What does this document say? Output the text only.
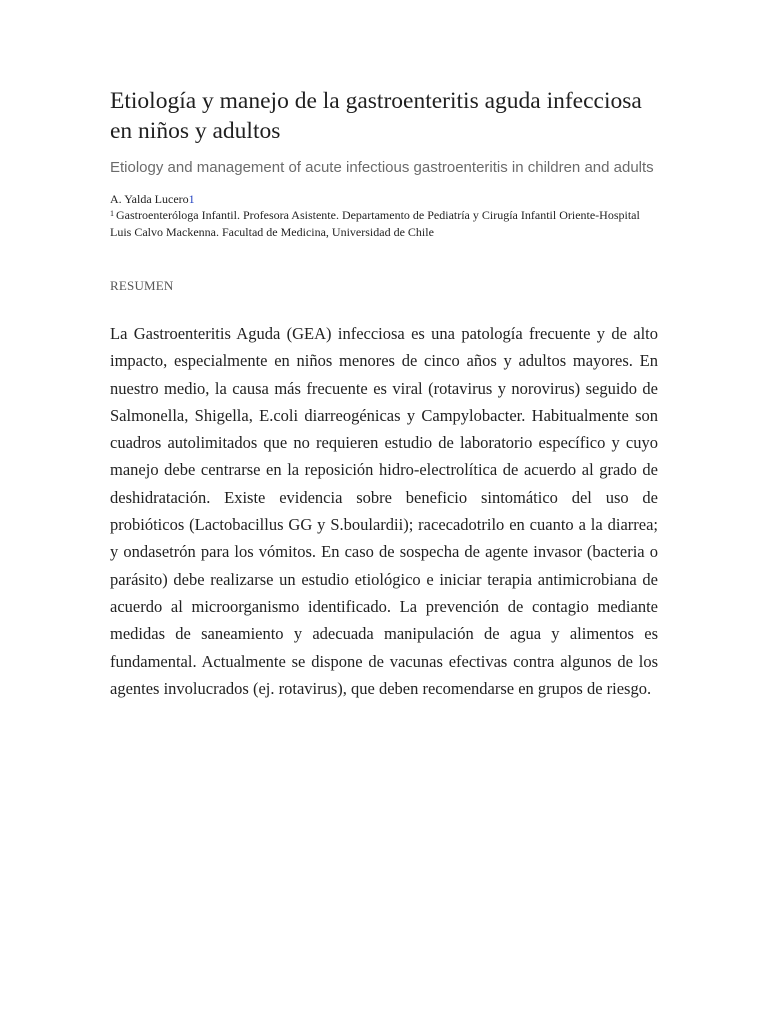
Etiología y manejo de la gastroenteritis aguda infecciosa en niños y adultos

Etiology and management of acute infectious gastroenteritis in children and adults

A. Yalda Lucero1
$^1$ Gastroenteróloga Infantil. Profesora Asistente. Departamento de Pediatría y Cirugía Infantil Oriente-Hospital Luis Calvo Mackenna. Facultad de Medicina, Universidad de Chile
RESUMEN

La Gastroenteritis Aguda (GEA) infecciosa es una patología frecuente y de alto impacto, especialmente en niños menores de cinco años y adultos mayores. En nuestro medio, la causa más frecuente es viral (rotavirus y norovirus) seguido de Salmonella, Shigella, E.coli diarreogénicas y Campylobacter. Habitualmente son cuadros autolimitados que no requieren estudio de laboratorio específico y cuyo manejo debe centrarse en la reposición hidro-electrolítica de acuerdo al grado de deshidratación. Existe evidencia sobre beneficio sintomático del uso de probióticos (Lactobacillus GG y S.boulardii); racecadotrilo en cuanto a la diarrea; y ondasetrón para los vómitos. En caso de sospecha de agente invasor (bacteria o parásito) debe realizarse un estudio etiológico e iniciar terapia antimicrobiana de acuerdo al microorganismo identificado. La prevención de contagio mediante medidas de saneamiento y adecuada manipulación de agua y alimentos es fundamental. Actualmente se dispone de vacunas efectivas contra algunos de los agentes involucrados (ej. rotavirus), que deben recomendarse en grupos de riesgo.
